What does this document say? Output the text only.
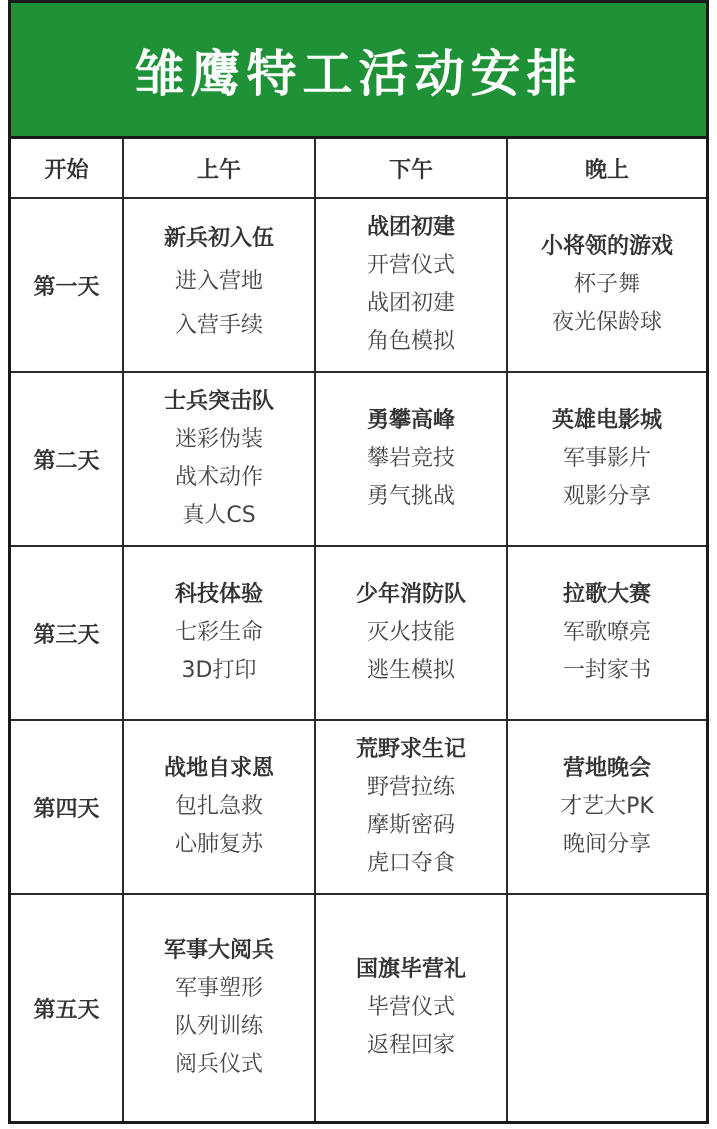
雏鹰特工活动安排
开始	上午	下午	晚上
第一天	新兵初入伍
进入营地
入营手续	战团初建
开营仪式
战团初建
角色模拟	小将领的游戏
杯子舞
夜光保龄球

第二天	士兵突击队
迷彩伪装
战术动作
真人CS	勇攀高峰
攀岩竞技
勇气挑战	英雄电影城
军事影片
观影分享

第三天	科技体验
七彩生命
3D打印	少年消防队
灭火技能
逃生模拟	拉歌大赛
军歌嘹亮
一封家书

第四天	战地自求恩
包扎急救
心肺复苏	荒野求生记
野营拉练
摩斯密码
虎口夺食	营地晚会
才艺大PK
晚间分享

第五天	军事大阅兵
军事塑形
队列训练
阅兵仪式	国旗毕营礼
毕营仪式
返程回家	
